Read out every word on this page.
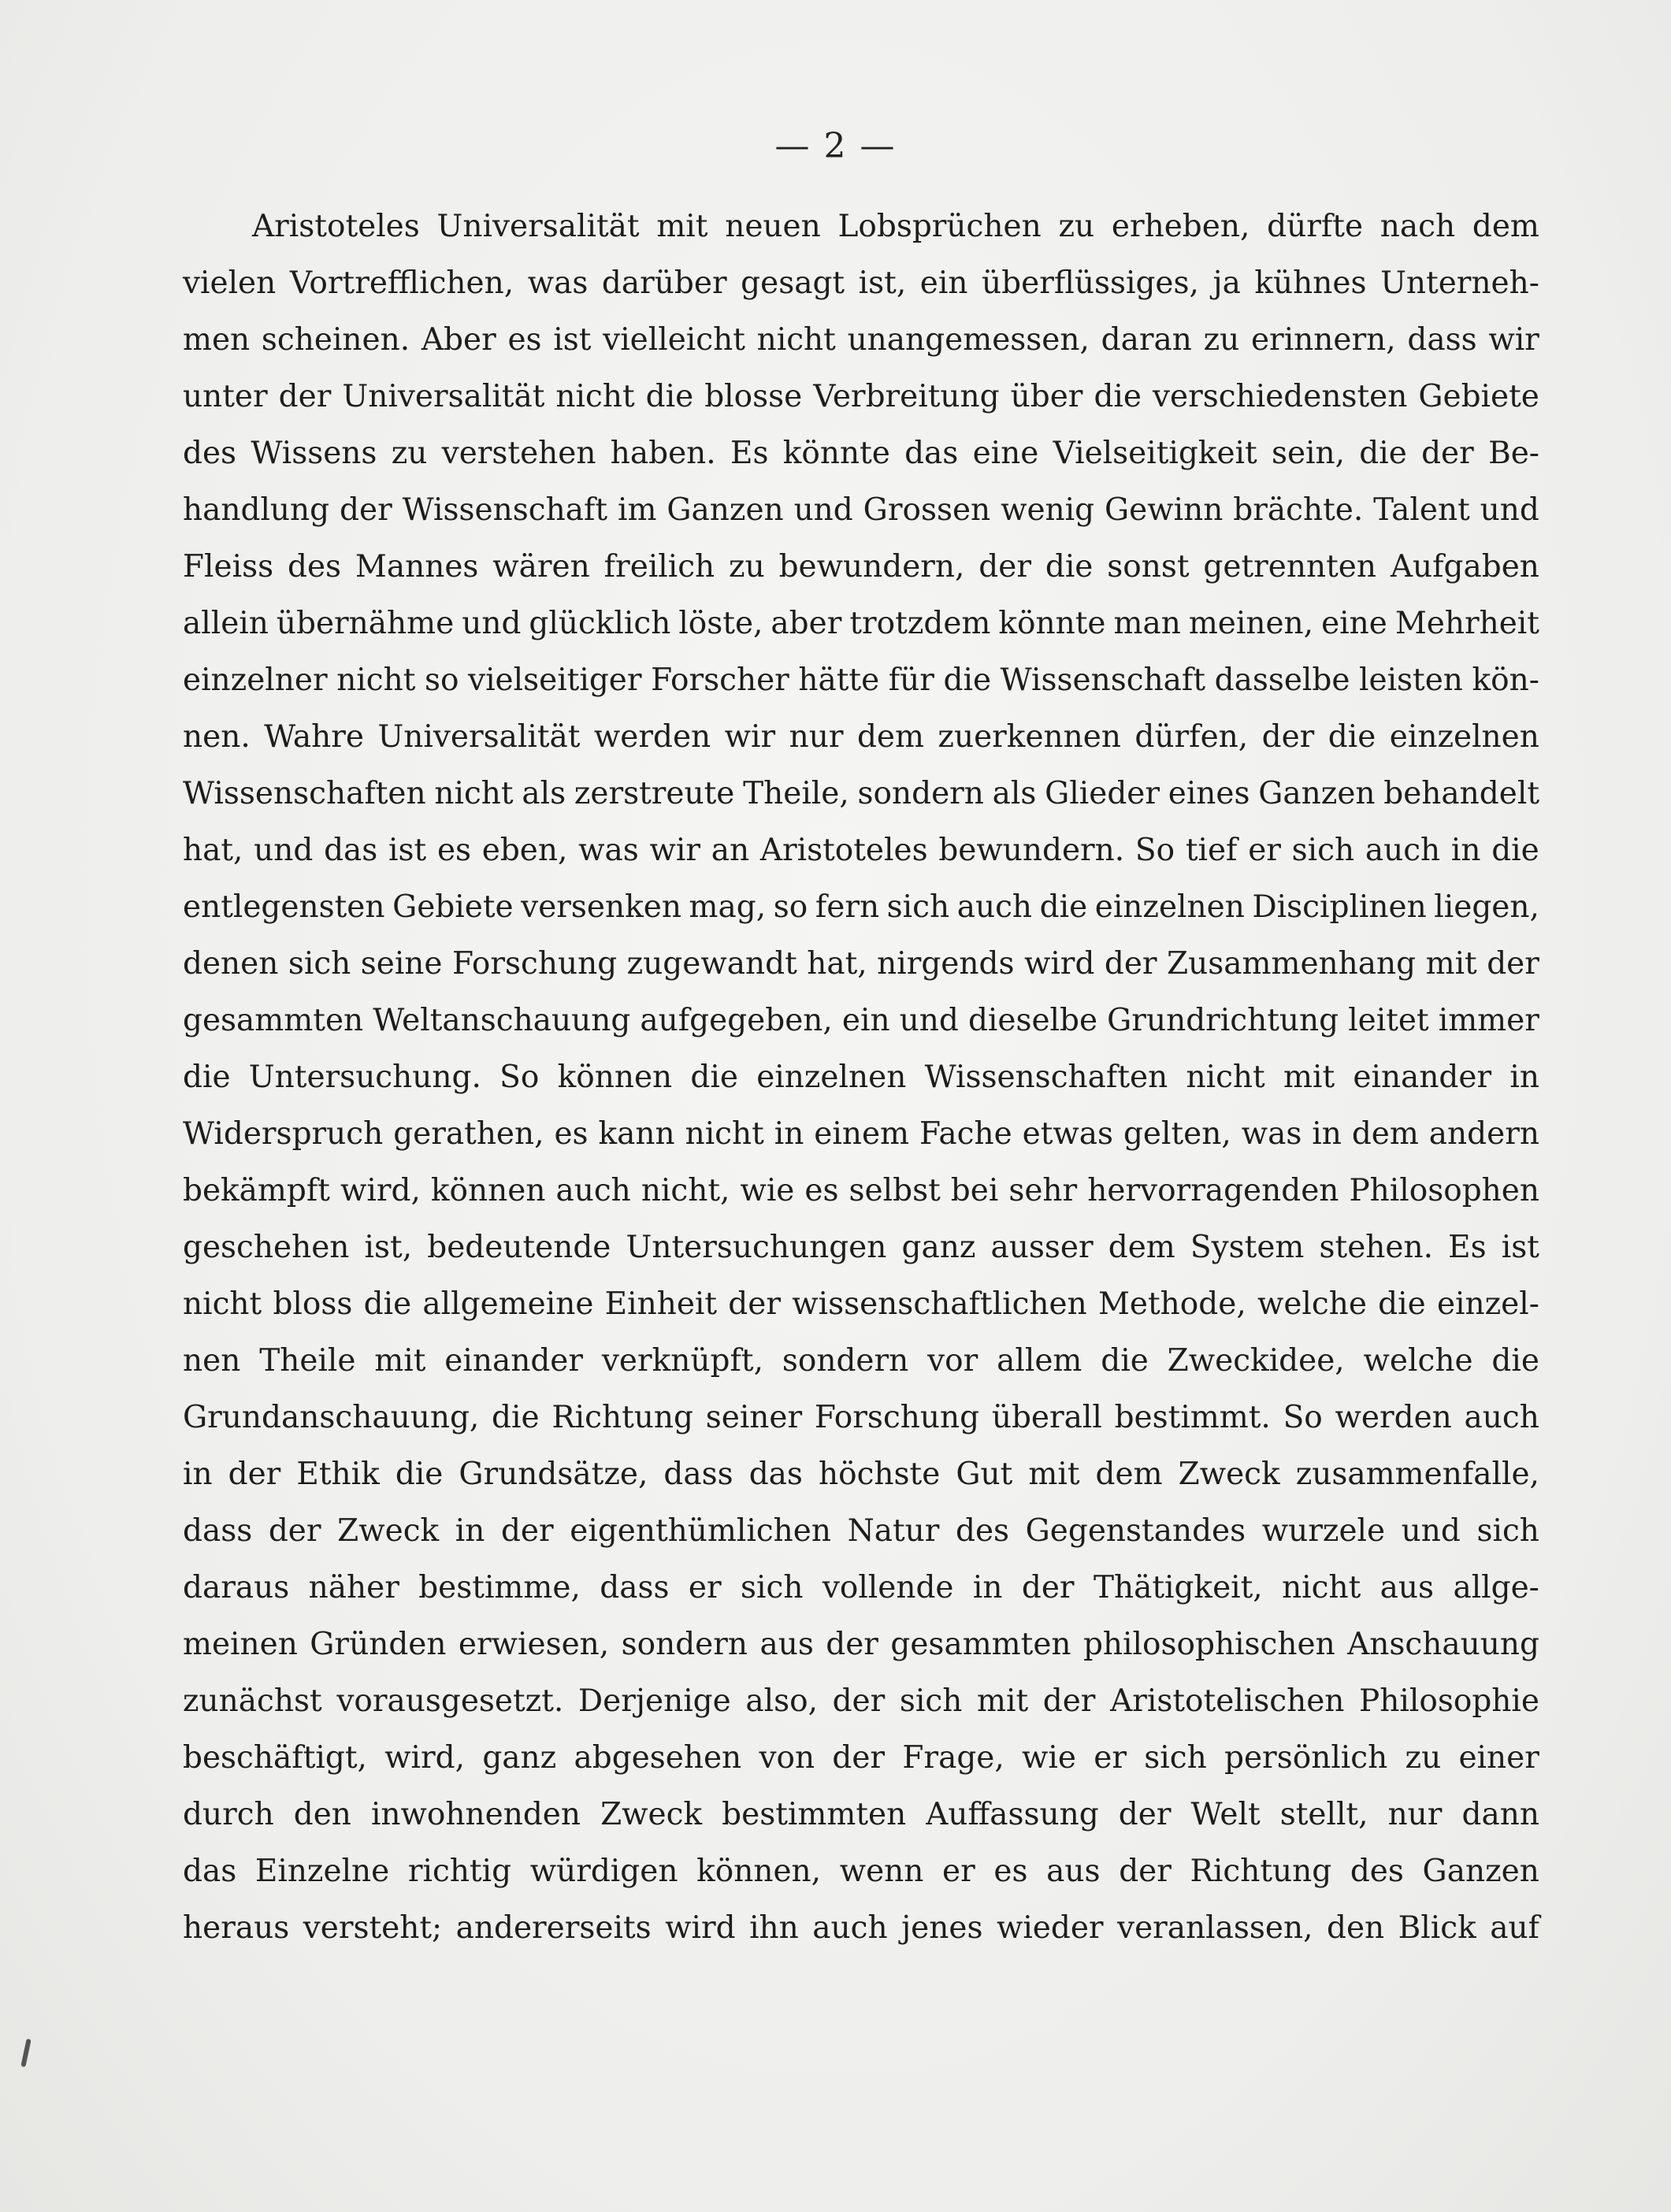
— 2 —
Aristoteles Universalität mit neuen Lobsprüchen zu erheben, dürfte nach dem
vielen Vortrefflichen, was darüber gesagt ist, ein überflüssiges, ja kühnes Unterneh-
men scheinen. Aber es ist vielleicht nicht unangemessen, daran zu erinnern, dass wir
unter der Universalität nicht die blosse Verbreitung über die verschiedensten Gebiete
des Wissens zu verstehen haben. Es könnte das eine Vielseitigkeit sein, die der Be-
handlung der Wissenschaft im Ganzen und Grossen wenig Gewinn brächte. Talent und
Fleiss des Mannes wären freilich zu bewundern, der die sonst getrennten Aufgaben
allein übernähme und glücklich löste, aber trotzdem könnte man meinen, eine Mehrheit
einzelner nicht so vielseitiger Forscher hätte für die Wissenschaft dasselbe leisten kön-
nen. Wahre Universalität werden wir nur dem zuerkennen dürfen, der die einzelnen
Wissenschaften nicht als zerstreute Theile, sondern als Glieder eines Ganzen behandelt
hat, und das ist es eben, was wir an Aristoteles bewundern. So tief er sich auch in die
entlegensten Gebiete versenken mag, so fern sich auch die einzelnen Disciplinen liegen,
denen sich seine Forschung zugewandt hat, nirgends wird der Zusammenhang mit der
gesammten Weltanschauung aufgegeben, ein und dieselbe Grundrichtung leitet immer
die Untersuchung. So können die einzelnen Wissenschaften nicht mit einander in
Widerspruch gerathen, es kann nicht in einem Fache etwas gelten, was in dem andern
bekämpft wird, können auch nicht, wie es selbst bei sehr hervorragenden Philosophen
geschehen ist, bedeutende Untersuchungen ganz ausser dem System stehen. Es ist
nicht bloss die allgemeine Einheit der wissenschaftlichen Methode, welche die einzel-
nen Theile mit einander verknüpft, sondern vor allem die Zweckidee, welche die
Grundanschauung, die Richtung seiner Forschung überall bestimmt. So werden auch
in der Ethik die Grundsätze, dass das höchste Gut mit dem Zweck zusammenfalle,
dass der Zweck in der eigenthümlichen Natur des Gegenstandes wurzele und sich
daraus näher bestimme, dass er sich vollende in der Thätigkeit, nicht aus allge-
meinen Gründen erwiesen, sondern aus der gesammten philosophischen Anschauung
zunächst vorausgesetzt. Derjenige also, der sich mit der Aristotelischen Philosophie
beschäftigt, wird, ganz abgesehen von der Frage, wie er sich persönlich zu einer
durch den inwohnenden Zweck bestimmten Auffassung der Welt stellt, nur dann
das Einzelne richtig würdigen können, wenn er es aus der Richtung des Ganzen
heraus versteht; andererseits wird ihn auch jenes wieder veranlassen, den Blick auf
